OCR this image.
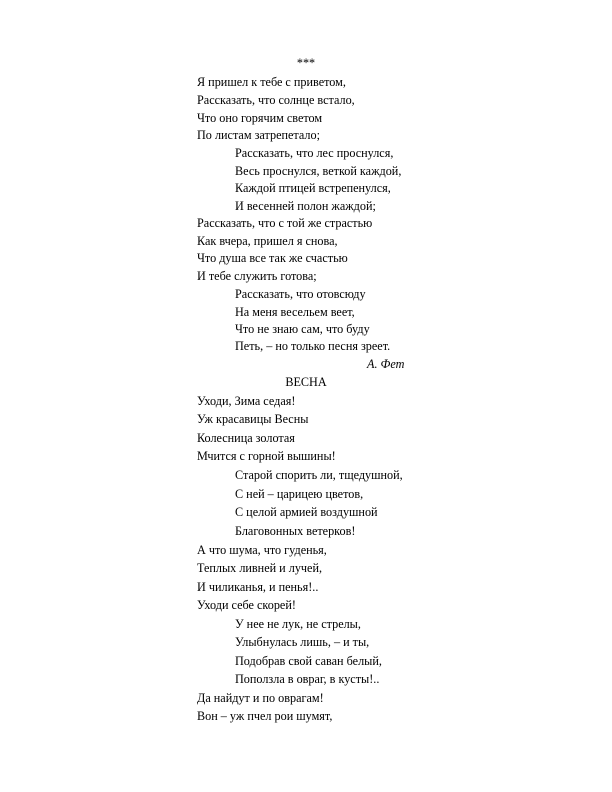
***
Я пришел к тебе с приветом,
Рассказать, что солнце встало,
Что оно горячим светом
По листам затрепетало;
Рассказать, что лес проснулся,
Весь проснулся, веткой каждой,
Каждой птицей встрепенулся,
И весенней полон жаждой;
Рассказать, что с той же страстью
Как вчера, пришел я снова,
Что душа все так же счастью
И тебе служить готова;
Рассказать, что отовсюду
На меня весельем веет,
Что не знаю сам, что буду
Петь, – но только песня зреет.
А. Фет
ВЕСНА
Уходи, Зима седая!
Уж красавицы Весны
Колесница золотая
Мчится с горной вышины!
Старой спорить ли, тщедушной,
С ней – царицею цветов,
С целой армией воздушной
Благовонных ветерков!
А что шума, что гуденья,
Теплых ливней и лучей,
И чиликанья, и пенья!..
Уходи себе скорей!
У нее не лук, не стрелы,
Улыбнулась лишь, – и ты,
Подобрав свой саван белый,
Поползла в овраг, в кусты!..
Да найдут и по оврагам!
Вон – уж пчел рои шумят,
